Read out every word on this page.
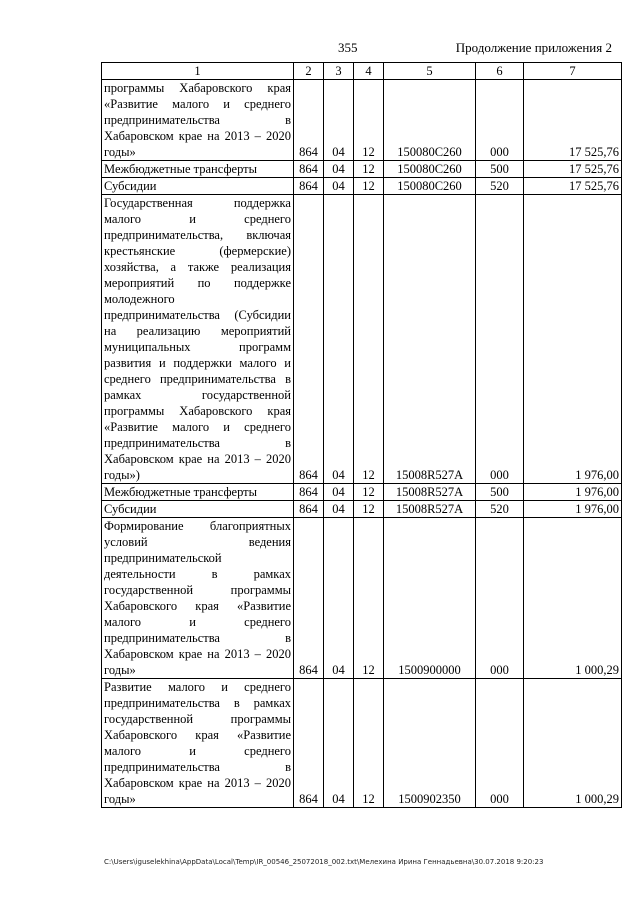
355	Продолжение приложения 2
1	2	3	4	5	6	7
программы Хабаровского края «Развитие малого и среднего предпринимательства в Хабаровском крае на 2013 – 2020 годы»	864	04	12	150080C260	000	17 525,76
Межбюджетные трансферты	864	04	12	150080C260	500	17 525,76
Субсидии	864	04	12	150080C260	520	17 525,76
Государственная поддержка малого и среднего предпринимательства, включая крестьянские (фермерские) хозяйства, а также реализация мероприятий по поддержке молодежного предпринимательства (Субсидии на реализацию мероприятий муниципальных программ развития и поддержки малого и среднего предпринимательства в рамках государственной программы Хабаровского края «Развитие малого и среднего предпринимательства в Хабаровском крае на 2013 – 2020 годы»)	864	04	12	15008R527A	000	1 976,00
Межбюджетные трансферты	864	04	12	15008R527A	500	1 976,00
Субсидии	864	04	12	15008R527A	520	1 976,00
Формирование благоприятных условий ведения предпринимательской деятельности в рамках государственной программы Хабаровского края «Развитие малого и среднего предпринимательства в Хабаровском крае на 2013 – 2020 годы»	864	04	12	1500900000	000	1 000,29
Развитие малого и среднего предпринимательства в рамках государственной программы Хабаровского края «Развитие малого и среднего предпринимательства в Хабаровском крае на 2013 – 2020 годы»	864	04	12	1500902350	000	1 000,29
C:\Users\iguselekhina\AppData\Local\Temp\IR_00546_25072018_002.txt\Мелехина Ирина Геннадьевна\30.07.2018 9:20:23
